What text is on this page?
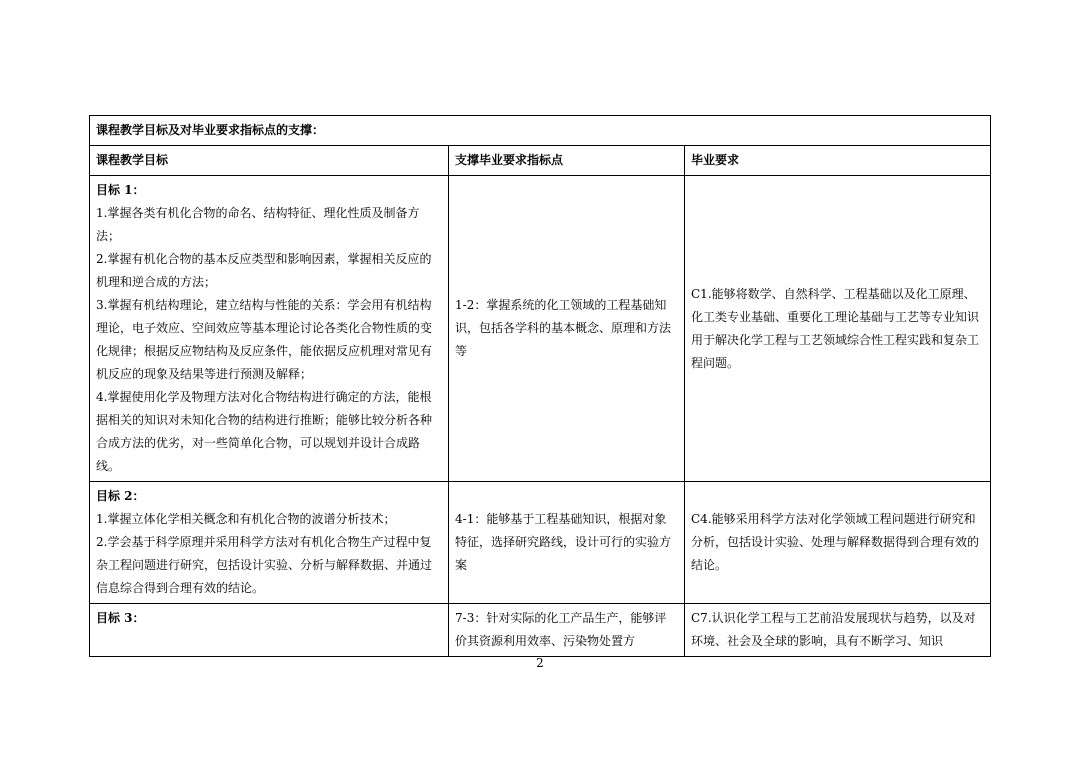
课程教学目标及对毕业要求指标点的支撑：		
课程教学目标	支撑毕业要求指标点	毕业要求

目标 1：
1.掌握各类有机化合物的命名、结构特征、理化性质及制备方法；
2.掌握有机化合物的基本反应类型和影响因素，掌握相关反应的机理和逆合成的方法；
3.掌握有机结构理论，建立结构与性能的关系：学会用有机结构理论，电子效应、空间效应等基本理论讨论各类化合物性质的变化规律；根据反应物结构及反应条件，能依据反应机理对常见有机反应的现象及结果等进行预测及解释；
4.掌握使用化学及物理方法对化合物结构进行确定的方法，能根据相关的知识对未知化合物的结构进行推断；能够比较分析各种合成方法的优劣，对一些简单化合物，可以规划并设计合成路线。	1-2：掌握系统的化工领域的工程基础知识，包括各学科的基本概念、原理和方法等	C1.能够将数学、自然科学、工程基础以及化工原理、化工类专业基础、重要化工理论基础与工艺等专业知识用于解决化学工程与工艺领域综合性工程实践和复杂工程问题。

目标 2：
1.掌握立体化学相关概念和有机化合物的波谱分析技术；
2.学会基于科学原理并采用科学方法对有机化合物生产过程中复杂工程问题进行研究，包括设计实验、分析与解释数据、并通过信息综合得到合理有效的结论。	4-1：能够基于工程基础知识，根据对象特征，选择研究路线，设计可行的实验方案	C4.能够采用科学方法对化学领域工程问题进行研究和分析，包括设计实验、处理与解释数据得到合理有效的结论。
目标 3：	7-3：针对实际的化工产品生产，能够评价其资源利用效率、污染物处置方	C7.认识化学工程与工艺前沿发展现状与趋势，以及对环境、社会及全球的影响，具有不断学习、知识
2
